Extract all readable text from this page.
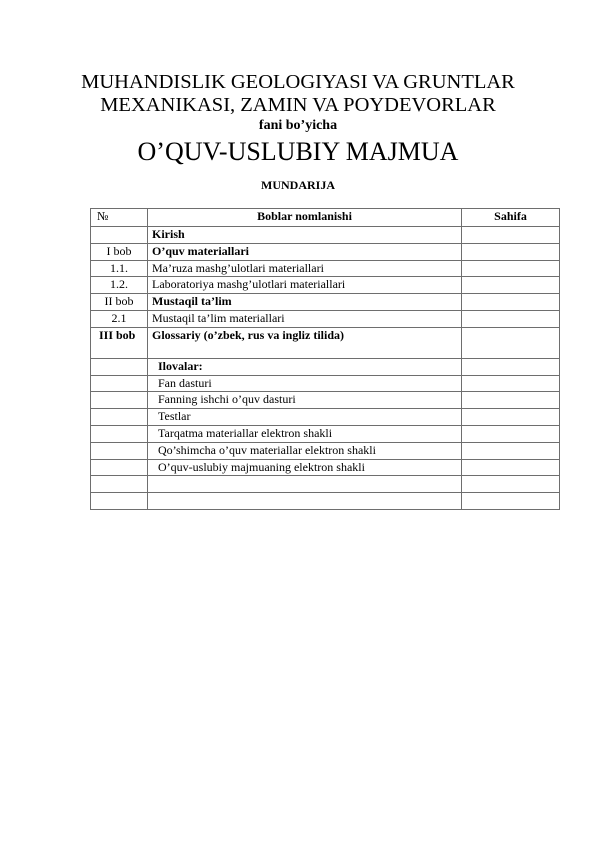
MUHANDISLIK GEOLOGIYASI VA GRUNTLAR
MEXANIKASI, ZAMIN VA POYDEVORLAR
fani bo’yicha
O’QUV-USLUBIY MAJMUA
MUNDARIJA
№	Boblar nomlanishi	Sahifa
	Kirish	
I bob	O’quv materiallari	
1.1.	Ma’ruza mashg’ulotlari materiallari	
1.2.	Laboratoriya mashg’ulotlari materiallari	
II bob	Mustaqil ta’lim	
2.1	Mustaqil ta’lim materiallari	
III bob	Glossariy (o’zbek, rus va ingliz tilida)	
	Ilovalar:	
	Fan dasturi	
	Fanning ishchi o’quv dasturi	
	Testlar	
	Tarqatma materiallar elektron shakli	
	Qo’shimcha o’quv materiallar elektron shakli	
	O’quv-uslubiy majmuaning elektron shakli	
